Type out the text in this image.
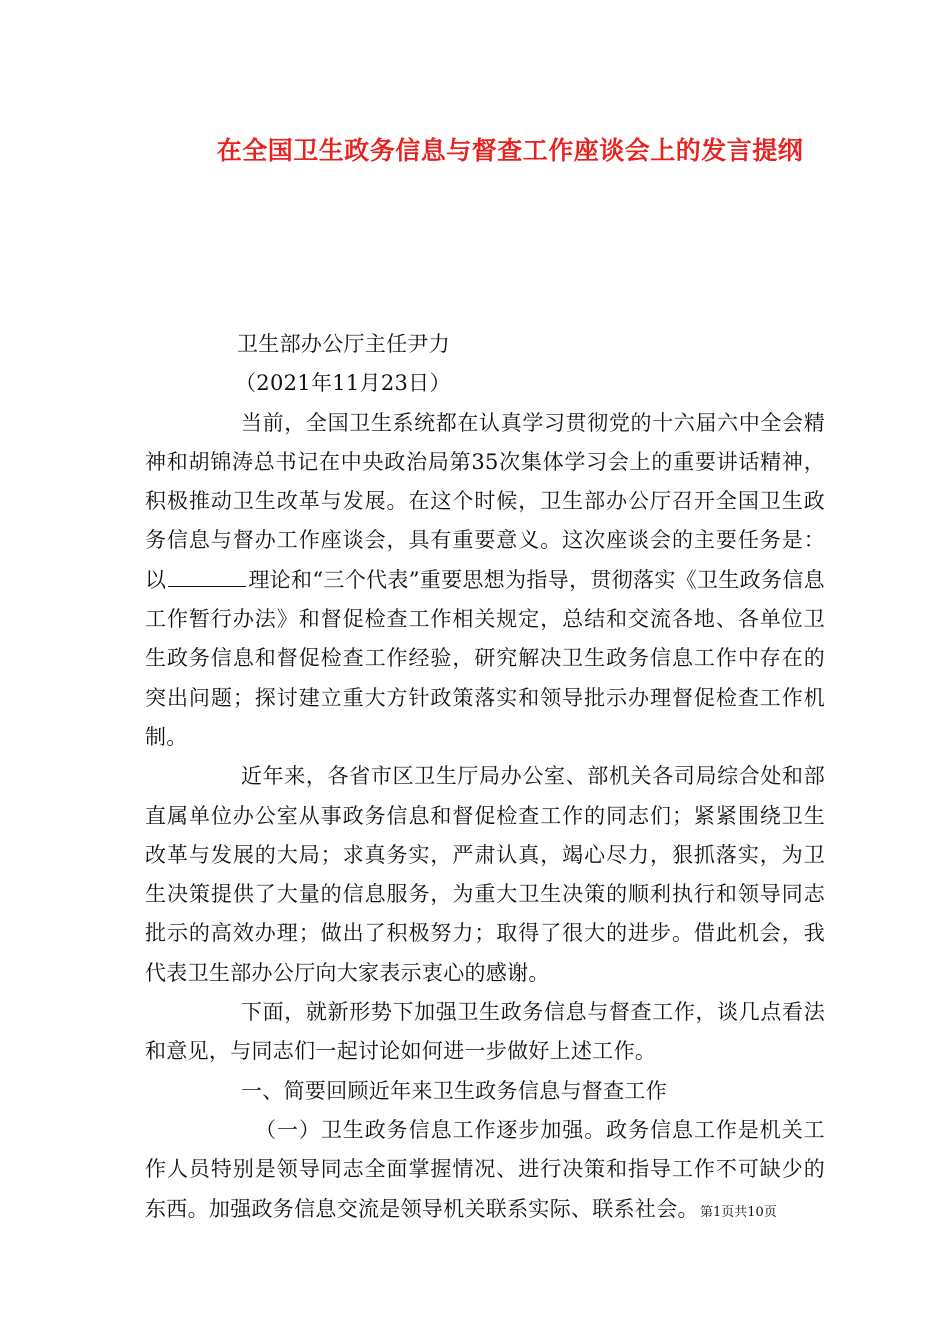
在全国卫生政务信息与督查工作座谈会上的发言提纲

卫生部办公厅主任尹力

（2021年11月23日）

当前，全国卫生系统都在认真学习贯彻党的十六届六中全会精神和胡锦涛总书记在中央政治局第35次集体学习会上的重要讲话精神，积极推动卫生改革与发展。在这个时候，卫生部办公厅召开全国卫生政务信息与督办工作座谈会，具有重要意义。这次座谈会的主要任务是：以	理论和“三个代表”重要思想为指导，贯彻落实《卫生政务信息工作暂行办法》和督促检查工作相关规定，总结和交流各地、各单位卫生政务信息和督促检查工作经验，研究解决卫生政务信息工作中存在的突出问题；探讨建立重大方针政策落实和领导批示办理督促检查工作机制。

近年来，各省市区卫生厅局办公室、部机关各司局综合处和部直属单位办公室从事政务信息和督促检查工作的同志们；紧紧围绕卫生改革与发展的大局；求真务实，严肃认真，竭心尽力，狠抓落实，为卫生决策提供了大量的信息服务，为重大卫生决策的顺利执行和领导同志批示的高效办理；做出了积极努力；取得了很大的进步。借此机会，我代表卫生部办公厅向大家表示衷心的感谢。

下面，就新形势下加强卫生政务信息与督查工作，谈几点看法和意见，与同志们一起讨论如何进一步做好上述工作。

一、简要回顾近年来卫生政务信息与督查工作

（一）卫生政务信息工作逐步加强。政务信息工作是机关工作人员特别是领导同志全面掌握情况、进行决策和指导工作不可缺少的东西。加强政务信息交流是领导机关联系实际、联系社会。 第1页共10页
